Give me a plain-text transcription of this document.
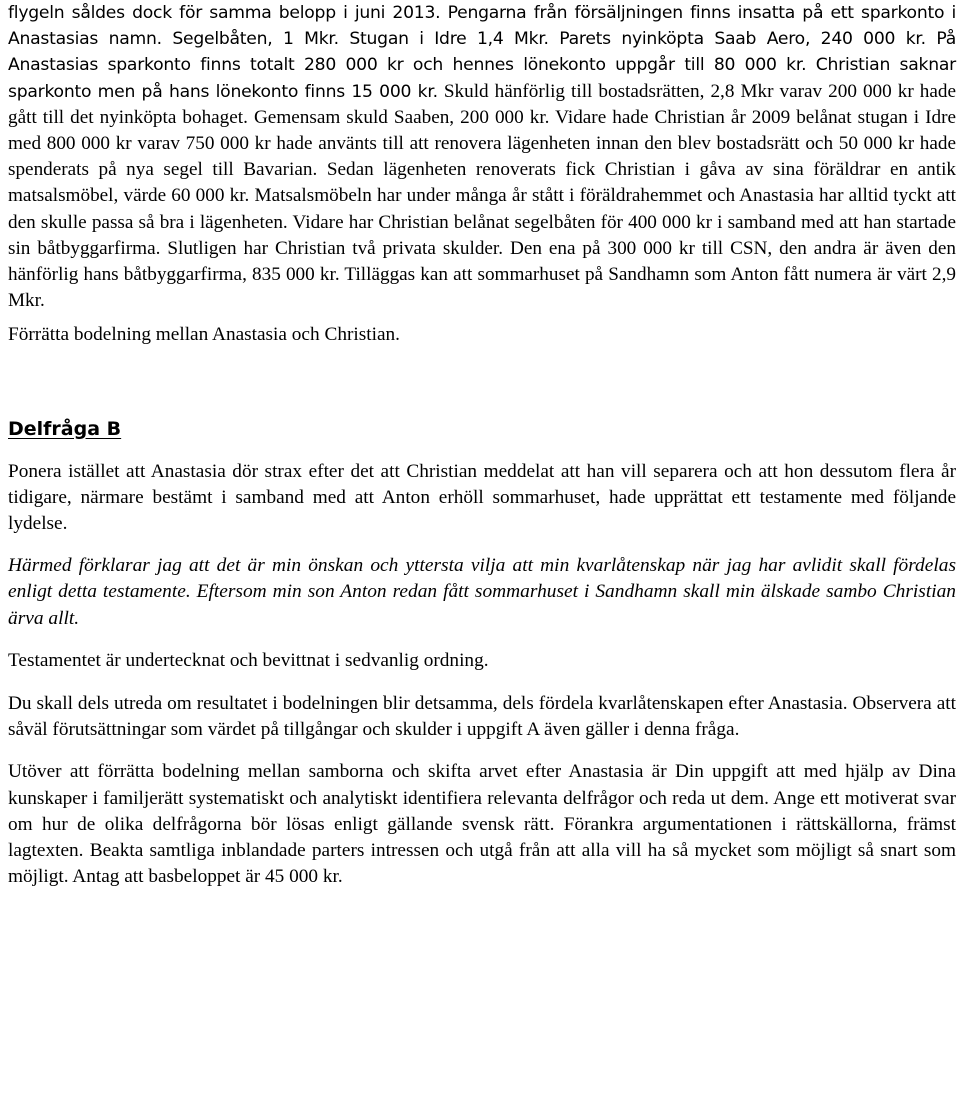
flygeln såldes dock för samma belopp i juni 2013. Pengarna från försäljningen finns insatta på ett sparkonto i Anastasias namn. Segelbåten, 1 Mkr. Stugan i Idre 1,4 Mkr. Parets nyinköpta Saab Aero, 240 000 kr. På Anastasias sparkonto finns totalt 280 000 kr och hennes lönekonto uppgår till 80 000 kr. Christian saknar sparkonto men på hans lönekonto finns 15 000 kr. Skuld hänförlig till bostadsrätten, 2,8 Mkr varav 200 000 kr hade gått till det nyinköpta bohaget. Gemensam skuld Saaben, 200 000 kr. Vidare hade Christian år 2009 belånat stugan i Idre med 800 000 kr varav 750 000 kr hade använts till att renovera lägenheten innan den blev bostadsrätt och 50 000 kr hade spenderats på nya segel till Bavarian. Sedan lägenheten renoverats fick Christian i gåva av sina föräldrar en antik matsalsmöbel, värde 60 000 kr. Matsalsmöbeln har under många år stått i föräldrahemmet och Anastasia har alltid tyckt att den skulle passa så bra i lägenheten. Vidare har Christian belånat segelbåten för 400 000 kr i samband med att han startade sin båtbyggarfirma. Slutligen har Christian två privata skulder. Den ena på 300 000 kr till CSN, den andra är även den hänförlig hans båtbyggarfirma, 835 000 kr. Tilläggas kan att sommarhuset på Sandhamn som Anton fått numera är värt 2,9 Mkr.

Förrätta bodelning mellan Anastasia och Christian.

Delfråga B

Ponera istället att Anastasia dör strax efter det att Christian meddelat att han vill separera och att hon dessutom flera år tidigare, närmare bestämt i samband med att Anton erhöll sommarhuset, hade upprättat ett testamente med följande lydelse.

Härmed förklarar jag att det är min önskan och yttersta vilja att min kvarlåtenskap när jag har avlidit skall fördelas enligt detta testamente. Eftersom min son Anton redan fått sommarhuset i Sandhamn skall min älskade sambo Christian ärva allt.

Testamentet är undertecknat och bevittnat i sedvanlig ordning.

Du skall dels utreda om resultatet i bodelningen blir detsamma, dels fördela kvarlåtenskapen efter Anastasia. Observera att såväl förutsättningar som värdet på tillgångar och skulder i uppgift A även gäller i denna fråga.

Utöver att förrätta bodelning mellan samborna och skifta arvet efter Anastasia är Din uppgift att med hjälp av Dina kunskaper i familjerätt systematiskt och analytiskt identifiera relevanta delfrågor och reda ut dem. Ange ett motiverat svar om hur de olika delfrågorna bör lösas enligt gällande svensk rätt. Förankra argumentationen i rättskällorna, främst lagtexten. Beakta samtliga inblandade parters intressen och utgå från att alla vill ha så mycket som möjligt så snart som möjligt. Antag att basbeloppet är 45 000 kr.
